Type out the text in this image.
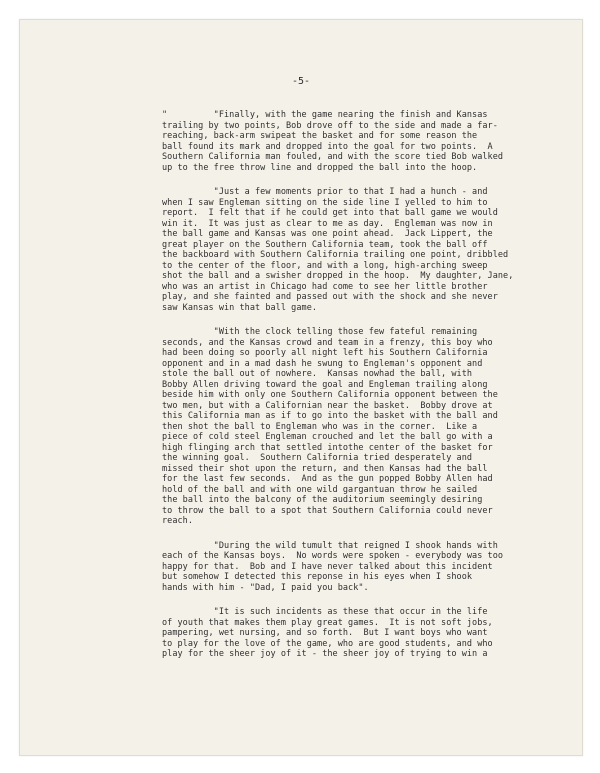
-5-
"         "Finally, with the game nearing the finish and Kansas
trailing by two points, Bob drove off to the side and made a far-
reaching, back-arm swipeat the basket and for some reason the
ball found its mark and dropped into the goal for two points.  A
Southern California man fouled, and with the score tied Bob walked
up to the free throw line and dropped the ball into the hoop.
"Just a few moments prior to that I had a hunch - and
when I saw Engleman sitting on the side line I yelled to him to
report.  I felt that if he could get into that ball game we would
win it.  It was just as clear to me as day.  Engleman was now in
the ball game and Kansas was one point ahead.  Jack Lippert, the
great player on the Southern California team, took the ball off
the backboard with Southern California trailing one point, dribbled
to the center of the floor, and with a long, high-arching sweep
shot the ball and a swisher dropped in the hoop.  My daughter, Jane,
who was an artist in Chicago had come to see her little brother
play, and she fainted and passed out with the shock and she never
saw Kansas win that ball game.
"With the clock telling those few fateful remaining
seconds, and the Kansas crowd and team in a frenzy, this boy who
had been doing so poorly all night left his Southern California
opponent and in a mad dash he swung to Engleman's opponent and
stole the ball out of nowhere.  Kansas nowhad the ball, with
Bobby Allen driving toward the goal and Engleman trailing along
beside him with only one Southern California opponent between the
two men, but with a Californian near the basket.  Bobby drove at
this California man as if to go into the basket with the ball and
then shot the ball to Engleman who was in the corner.  Like a
piece of cold steel Engleman crouched and let the ball go with a
high flinging arch that settled intothe center of the basket for
the winning goal.  Southern California tried desperately and
missed their shot upon the return, and then Kansas had the ball
for the last few seconds.  And as the gun popped Bobby Allen had
hold of the ball and with one wild gargantuan throw he sailed
the ball into the balcony of the auditorium seemingly desiring
to throw the ball to a spot that Southern California could never
reach.
"During the wild tumult that reigned I shook hands with
each of the Kansas boys.  No words were spoken - everybody was too
happy for that.  Bob and I have never talked about this incident
but somehow I detected this reponse in his eyes when I shook
hands with him - "Dad, I paid you back".
"It is such incidents as these that occur in the life
of youth that makes them play great games.  It is not soft jobs,
pampering, wet nursing, and so forth.  But I want boys who want
to play for the love of the game, who are good students, and who
play for the sheer joy of it - the sheer joy of trying to win a
